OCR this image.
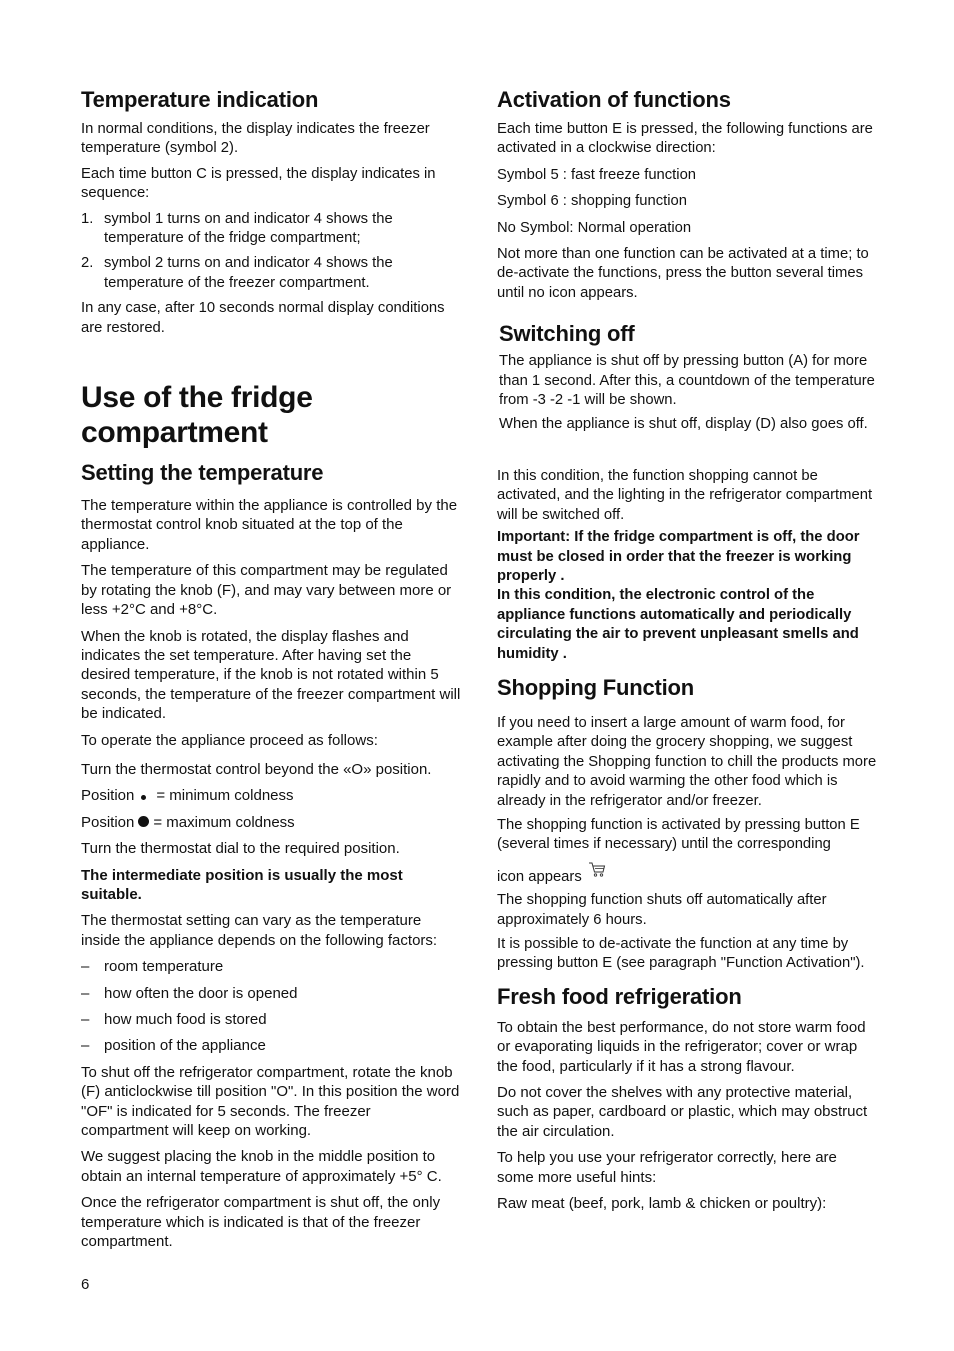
Temperature indication

In normal conditions, the display indicates the freezer temperature (symbol 2).

Each time button C is pressed, the display indicates in sequence:

1. symbol 1 turns on and indicator 4 shows the temperature of the fridge compartment;
2. symbol 2 turns on and indicator 4 shows the temperature of the freezer compartment.

In any case, after 10 seconds normal display conditions are restored.

Use of the fridge
compartment
Setting the temperature

The temperature within the appliance is controlled by the thermostat control knob situated at the top of the appliance.

The temperature of this compartment may be regulated by rotating the knob (F), and may vary between more or less +2°C and +8°C.

When the knob is rotated, the display flashes and indicates the set temperature. After having set the desired temperature, if the knob is not rotated within 5 seconds, the temperature of the freezer compartment will be indicated.

To operate the appliance proceed as follows:

Turn the thermostat control beyond the «O» position.

Position = minimum coldness

Position = maximum coldness

Turn the thermostat dial to the required position.

The intermediate position is usually the most suitable.

The thermostat setting can vary as the temperature inside the appliance depends on the following factors:

– room temperature
– how often the door is opened
– how much food is stored
– position of the appliance

To shut off the refrigerator compartment, rotate the knob (F) anticlockwise till position "O". In this position the word "OF" is indicated for 5 seconds. The freezer compartment will keep on working.

We suggest placing the knob in the middle position to obtain an internal temperature of approximately +5° C.

Once the refrigerator compartment is shut off, the only temperature which is indicated is that of the freezer compartment.

6
Activation of functions

Each time button E is pressed, the following functions are activated in a clockwise direction:

Symbol 5 : fast freeze function

Symbol 6 : shopping function

No Symbol: Normal operation

Not more than one function can be activated at a time; to de-activate the functions, press the button several times until no icon appears.

Switching off

The appliance is shut off by pressing button (A) for more than 1 second. After this, a countdown of the temperature from -3 -2 -1 will be shown.

When the appliance is shut off, display (D) also goes off.

In this condition, the function shopping cannot be activated, and the lighting in the refrigerator compartment will be switched off.

Important: If the fridge compartment is off, the door must be closed in order that the freezer is working properly .

In this condition, the electronic control of the appliance functions automatically and periodically circulating the air to prevent unpleasant smells and humidity .

Shopping Function

If you need to insert a large amount of warm food, for example after doing the grocery shopping, we suggest activating the Shopping function to chill the products more rapidly and to avoid warming the other food which is already in the refrigerator and/or freezer.

The shopping function is activated by pressing button E (several times if necessary) until the corresponding

icon appears

The shopping function shuts off automatically after approximately 6 hours.

It is possible to de-activate the function at any time by pressing button E (see paragraph "Function Activation").

Fresh food refrigeration

To obtain the best performance, do not store warm food or evaporating liquids in the refrigerator; cover or wrap the food, particularly if it has a strong flavour.

Do not cover the shelves with any protective material, such as paper, cardboard or plastic, which may obstruct the air circulation.

To help you use your refrigerator correctly, here are some more useful hints:

Raw meat (beef, pork, lamb & chicken or poultry):
